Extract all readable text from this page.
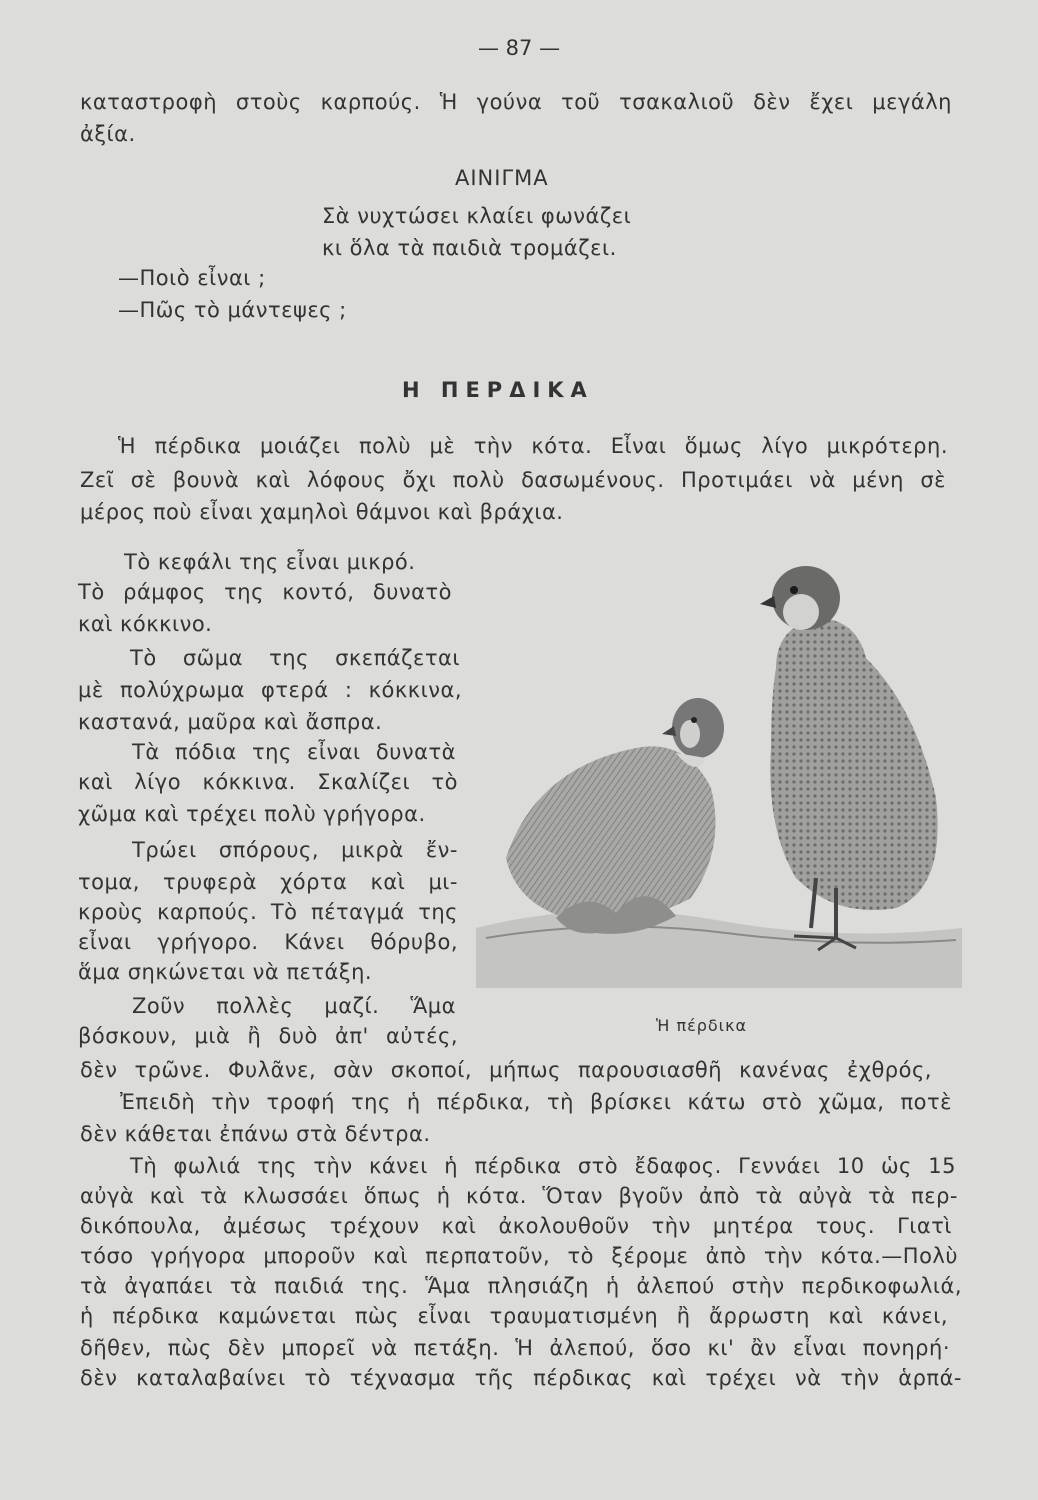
— 87 —
καταστροφὴ στοὺς καρπούς. Ἡ γούνα τοῦ τσακαλιοῦ δὲν ἔχει μεγάλη
ἀξία.
ΑΙΝΙΓΜΑ
Σὰ νυχτώσει κλαίει φωνάζει
κι ὅλα τὰ παιδιὰ τρομάζει.
—Ποιὸ εἶναι ;
—Πῶς τὸ μάντεψες ;
Η ΠΕΡΔΙΚΑ
Ἡ πέρδικα μοιάζει πολὺ μὲ τὴν κότα. Εἶναι ὅμως λίγο μικρότερη.
Ζεῖ σὲ βουνὰ καὶ λόφους ὄχι πολὺ δασωμένους. Προτιμάει νὰ μένη σὲ
μέρος ποὺ εἶναι χαμηλοὶ θάμνοι καὶ βράχια.
Τὸ κεφάλι της εἶναι μικρό.
Τὸ ράμφος της κοντό, δυνατὸ
καὶ κόκκινο.
Τὸ σῶμα της σκεπάζεται
μὲ πολύχρωμα φτερά : κόκκινα,
καστανά, μαῦρα καὶ ἄσπρα.
Τὰ πόδια της εἶναι δυνατὰ
καὶ λίγο κόκκινα. Σκαλίζει τὸ
χῶμα καὶ τρέχει πολὺ γρήγορα.
Τρώει σπόρους, μικρὰ ἔν-
τομα, τρυφερὰ χόρτα καὶ μι-
κροὺς καρπούς. Τὸ πέταγμά της
εἶναι γρήγορο. Κάνει θόρυβο,
ἅμα σηκώνεται νὰ πετάξη.
Ζοῦν πολλὲς μαζί. Ἅμα
βόσκουν, μιὰ ἢ δυὸ ἀπ' αὐτές,	Ἡ πέρδικα
δὲν τρῶνε. Φυλᾶνε, σὰν σκοποί, μήπως παρουσιασθῆ κανένας ἐχθρός,
Ἐπειδὴ τὴν τροφή της ἡ πέρδικα, τὴ βρίσκει κάτω στὸ χῶμα, ποτὲ
δὲν κάθεται ἐπάνω στὰ δέντρα.
Τὴ φωλιά της τὴν κάνει ἡ πέρδικα στὸ ἔδαφος. Γεννάει 10 ὡς 15
αὐγὰ καὶ τὰ κλωσσάει ὅπως ἡ κότα. Ὅταν βγοῦν ἀπὸ τὰ αὐγὰ τὰ περ-
δικόπουλα, ἀμέσως τρέχουν καὶ ἀκολουθοῦν τὴν μητέρα τους. Γιατὶ
τόσο γρήγορα μποροῦν καὶ περπατοῦν, τὸ ξέρομε ἀπὸ τὴν κότα.—Πολὺ
τὰ ἀγαπάει τὰ παιδιά της. Ἅμα πλησιάζη ἡ ἀλεπού στὴν περδικοφωλιά,
ἡ πέρδικα καμώνεται πὼς εἶναι τραυματισμένη ἢ ἄρρωστη καὶ κάνει,
δῆθεν, πὼς δὲν μπορεῖ νὰ πετάξη. Ἡ ἀλεπού, ὅσο κι' ἂν εἶναι πονηρή·
δὲν καταλαβαίνει τὸ τέχνασμα τῆς πέρδικας καὶ τρέχει νὰ τὴν ἁρπά-
